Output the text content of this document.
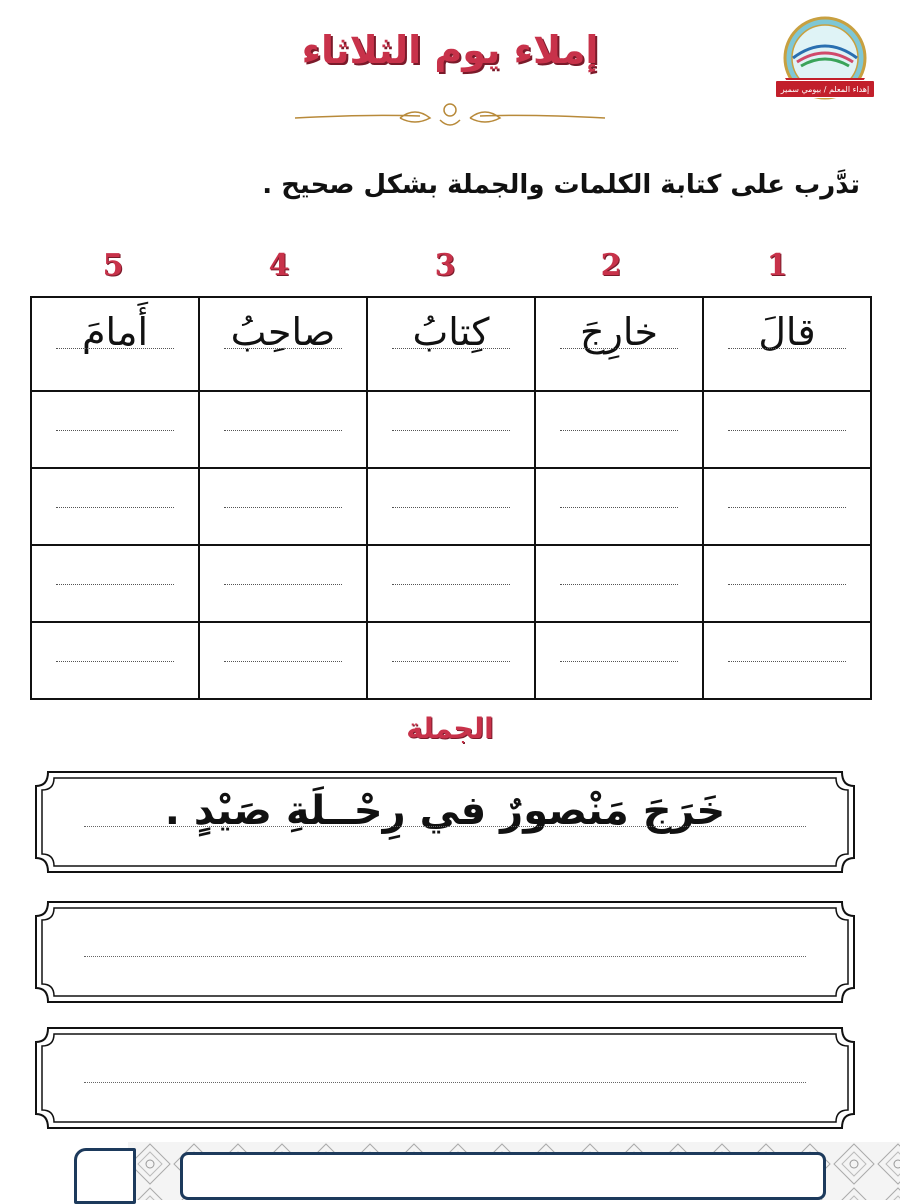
إهداء المعلم / بيومي سمير
إملاء يوم الثلاثاء
تدَّرب على كتابة الكلمات والجملة بشكل صحيح .
1
2
3
4
5
قالَ	خارِجَ	كِتابُ	صاحِبُ	أَمامَ

الجملة
خَرَجَ مَنْصورٌ في رِحْــلَةِ صَيْدٍ .
